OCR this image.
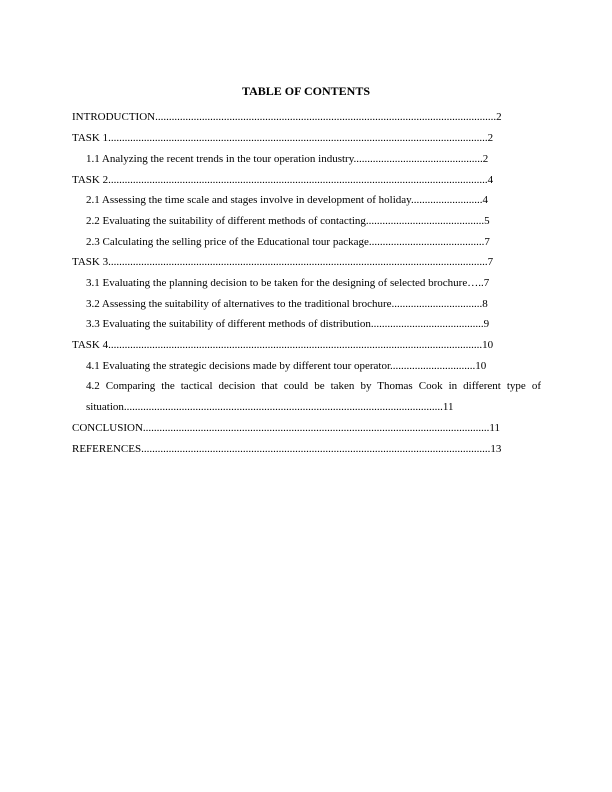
TABLE OF CONTENTS
INTRODUCTION............................................................................................................................2
TASK 1..........................................................................................................................................2
1.1 Analyzing the recent trends in the tour operation industry...............................................2
TASK 2..........................................................................................................................................4
2.1 Assessing the time scale and stages involve in development of holiday..........................4
2.2 Evaluating the suitability of different methods of contacting...........................................5
2.3 Calculating the selling price of the Educational tour package..........................................7
TASK 3..........................................................................................................................................7
3.1 Evaluating the planning decision to be taken for the designing of selected brochure…..7
3.2 Assessing the suitability of alternatives to the traditional brochure.................................8
3.3 Evaluating the suitability of different methods of distribution.........................................9
TASK 4........................................................................................................................................10
4.1 Evaluating the strategic decisions made by different tour operator...............................10
4.2 Comparing the tactical decision that could be taken by Thomas Cook in different type of
situation....................................................................................................................11
CONCLUSION..............................................................................................................................11
REFERENCES...............................................................................................................................13
